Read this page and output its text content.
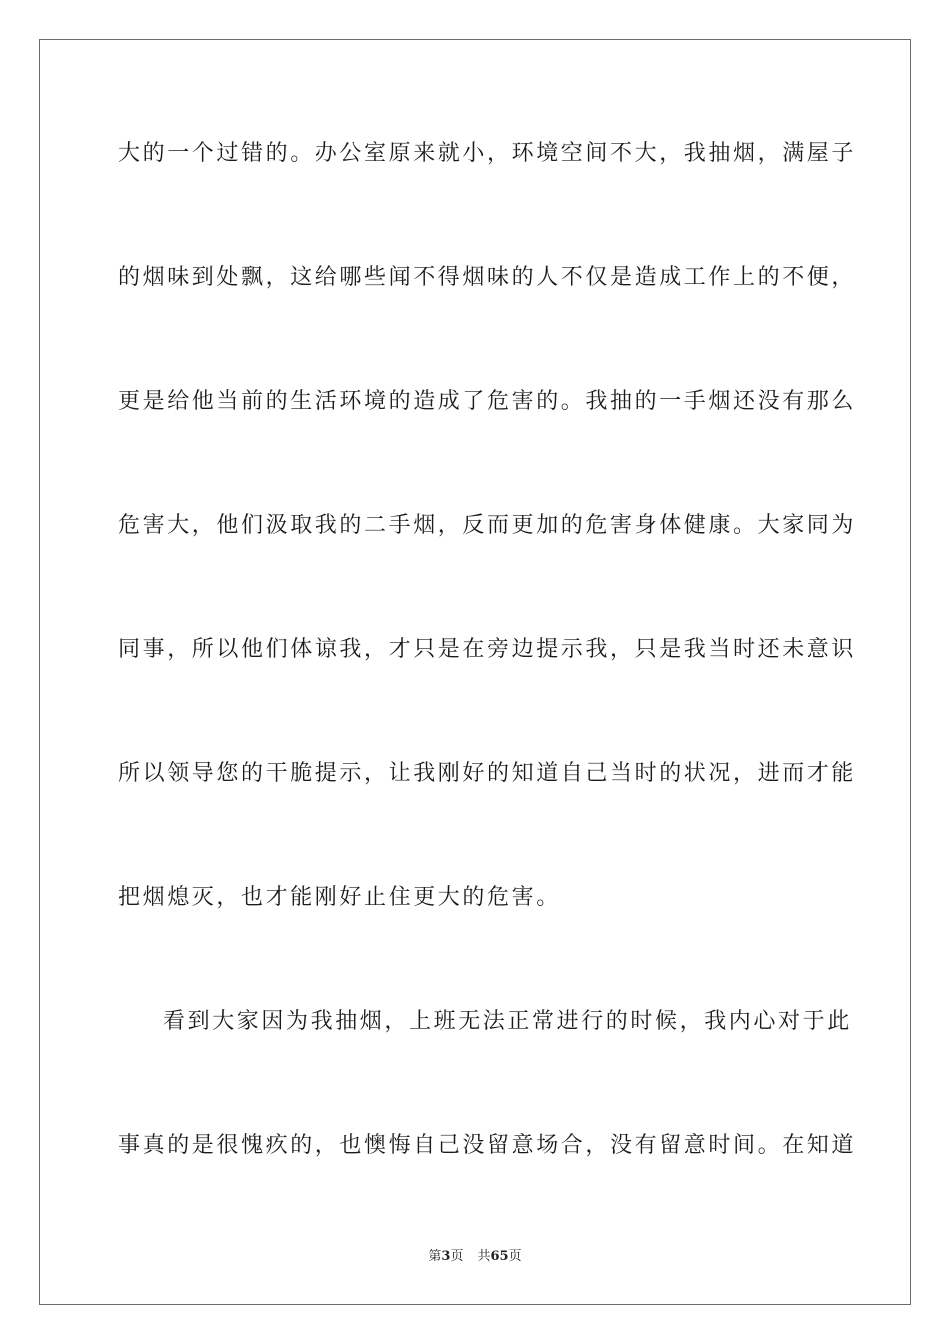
大的一个过错的。办公室原来就小，环境空间不大，我抽烟，满屋子
的烟味到处飘，这给哪些闻不得烟味的人不仅是造成工作上的不便，
更是给他当前的生活环境的造成了危害的。我抽的一手烟还没有那么
危害大，他们汲取我的二手烟，反而更加的危害身体健康。大家同为
同事，所以他们体谅我，才只是在旁边提示我，只是我当时还未意识
所以领导您的干脆提示，让我刚好的知道自己当时的状况，进而才能
把烟熄灭，也才能刚好止住更大的危害。
看到大家因为我抽烟，上班无法正常进行的时候，我内心对于此
事真的是很愧疚的，也懊悔自己没留意场合，没有留意时间。在知道
第3页 共65页
